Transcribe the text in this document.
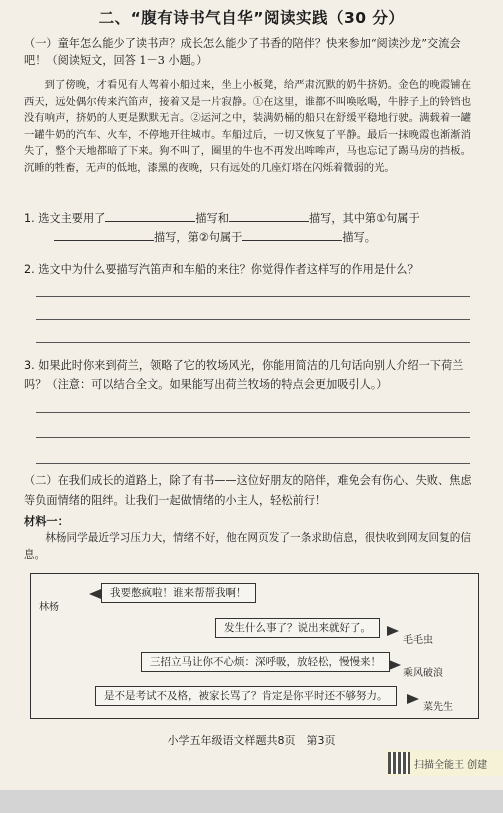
二、“腹有诗书气自华”阅读实践（30 分）
（一）童年怎么能少了读书声？成长怎么能少了书香的陪伴？快来参加“阅读沙龙”交流会吧！（阅读短文，回答 1－3 小题。）
到了傍晚，才看见有人驾着小船过来，坐上小板凳，给严肃沉默的奶牛挤奶。金色的晚霞铺在西天，远处偶尔传来汽笛声，接着又是一片寂静。①在这里，谁都不叫唤吆喝，牛脖子上的铃铛也没有响声，挤奶的人更是默默无言。②运河之中，装满奶桶的船只在舒缓平稳地行驶。满载着一罐一罐牛奶的汽车、火车，不停地开往城市。车船过后，一切又恢复了平静。最后一抹晚霞也渐渐消失了，整个天地都暗了下来。狗不叫了，圈里的牛也不再发出哞哞声，马也忘记了踢马房的挡板。沉睡的牲畜，无声的低地，漆黑的夜晚，只有远处的几座灯塔在闪烁着微弱的光。
1. 选文主要用了	描写和	描写，其中第①句属于
描写，第②句属于	描写。
2. 选文中为什么要描写汽笛声和车船的来往？你觉得作者这样写的作用是什么？
3. 如果此时你来到荷兰，领略了它的牧场风光，你能用简洁的几句话向别人介绍一下荷兰吗？（注意：可以结合全文。如果能写出荷兰牧场的特点会更加吸引人。）
（二）在我们成长的道路上，除了有书——这位好朋友的陪伴，难免会有伤心、失败、焦虑等负面情绪的阻绊。让我们一起做情绪的小主人，轻松前行！
材料一：
林杨同学最近学习压力大，情绪不好，他在网页发了一条求助信息，很快收到网友回复的信息。
林杨
我要憋疯啦！谁来帮帮我啊！
发生什么事了？说出来就好了。
毛毛虫
三招立马让你不心烦：深呼吸，放轻松，慢慢来！
乘风破浪
是不是考试不及格，被家长骂了？肯定是你平时还不够努力。
菜先生
小学五年级语文样题共8页　第3页
扫描全能王 创建
